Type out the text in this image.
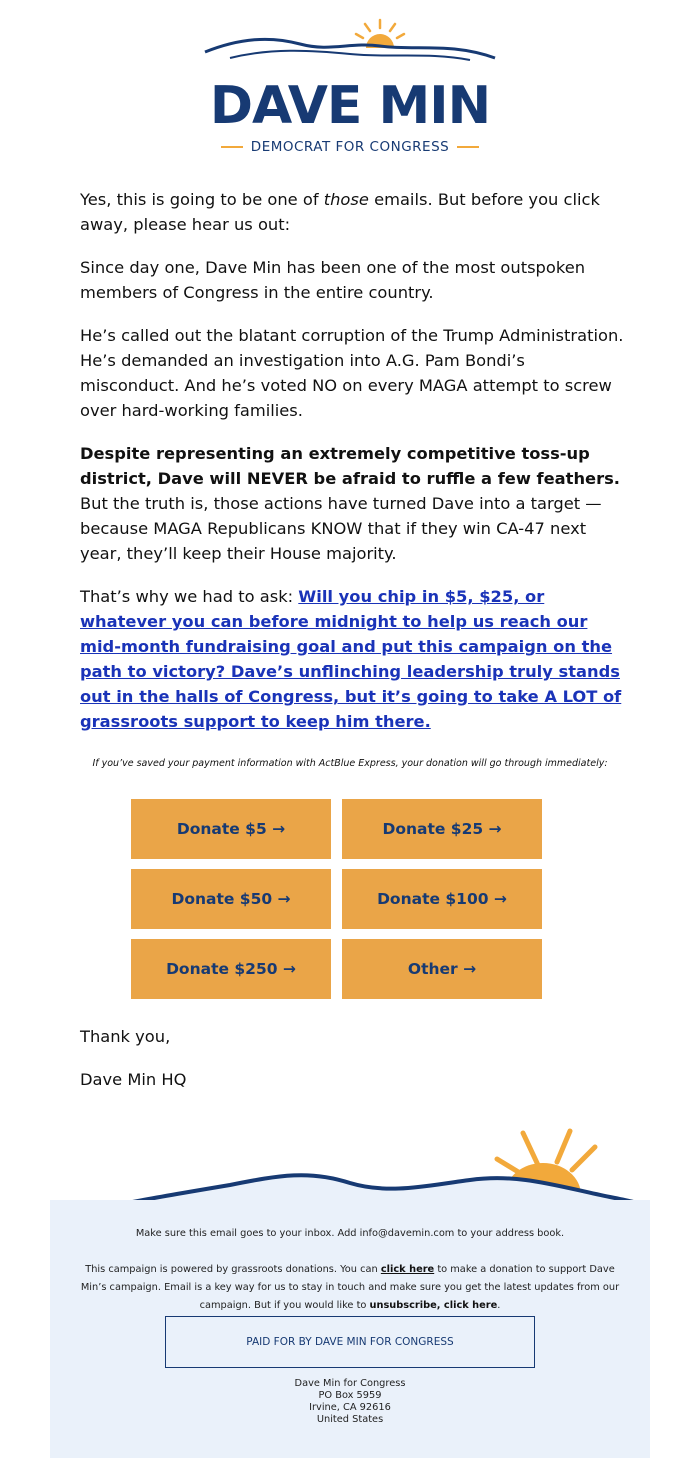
DAVE MIN
DEMOCRAT FOR CONGRESS

Yes, this is going to be one of those emails. But before you click away, please hear us out:

Since day one, Dave Min has been one of the most outspoken members of Congress in the entire country.

He’s called out the blatant corruption of the Trump Administration. He’s demanded an investigation into A.G. Pam Bondi’s misconduct. And he’s voted NO on every MAGA attempt to screw over hard-working families.

Despite representing an extremely competitive toss-up district, Dave will NEVER be afraid to ruffle a few feathers. But the truth is, those actions have turned Dave into a target — because MAGA Republicans KNOW that if they win CA-47 next year, they’ll keep their House majority.

That’s why we had to ask: Will you chip in $5, $25, or whatever you can before midnight to help us reach our mid-month fundraising goal and put this campaign on the path to victory? Dave’s unflinching leadership truly stands out in the halls of Congress, but it’s going to take A LOT of grassroots support to keep him there.

If you’ve saved your payment information with ActBlue Express, your donation will go through immediately:
Donate $5 →	Donate $25 →
Donate $50 →	Donate $100 →
Donate $250 →	Other →

Thank you,

Dave Min HQ

Make sure this email goes to your inbox. Add info@davemin.com to your address book.
This campaign is powered by grassroots donations. You can click here to make a donation to support Dave Min’s campaign. Email is a key way for us to stay in touch and make sure you get the latest updates from our campaign. But if you would like to unsubscribe, click here.
PAID FOR BY DAVE MIN FOR CONGRESS
Dave Min for Congress
PO Box 5959
Irvine, CA 92616
United States
